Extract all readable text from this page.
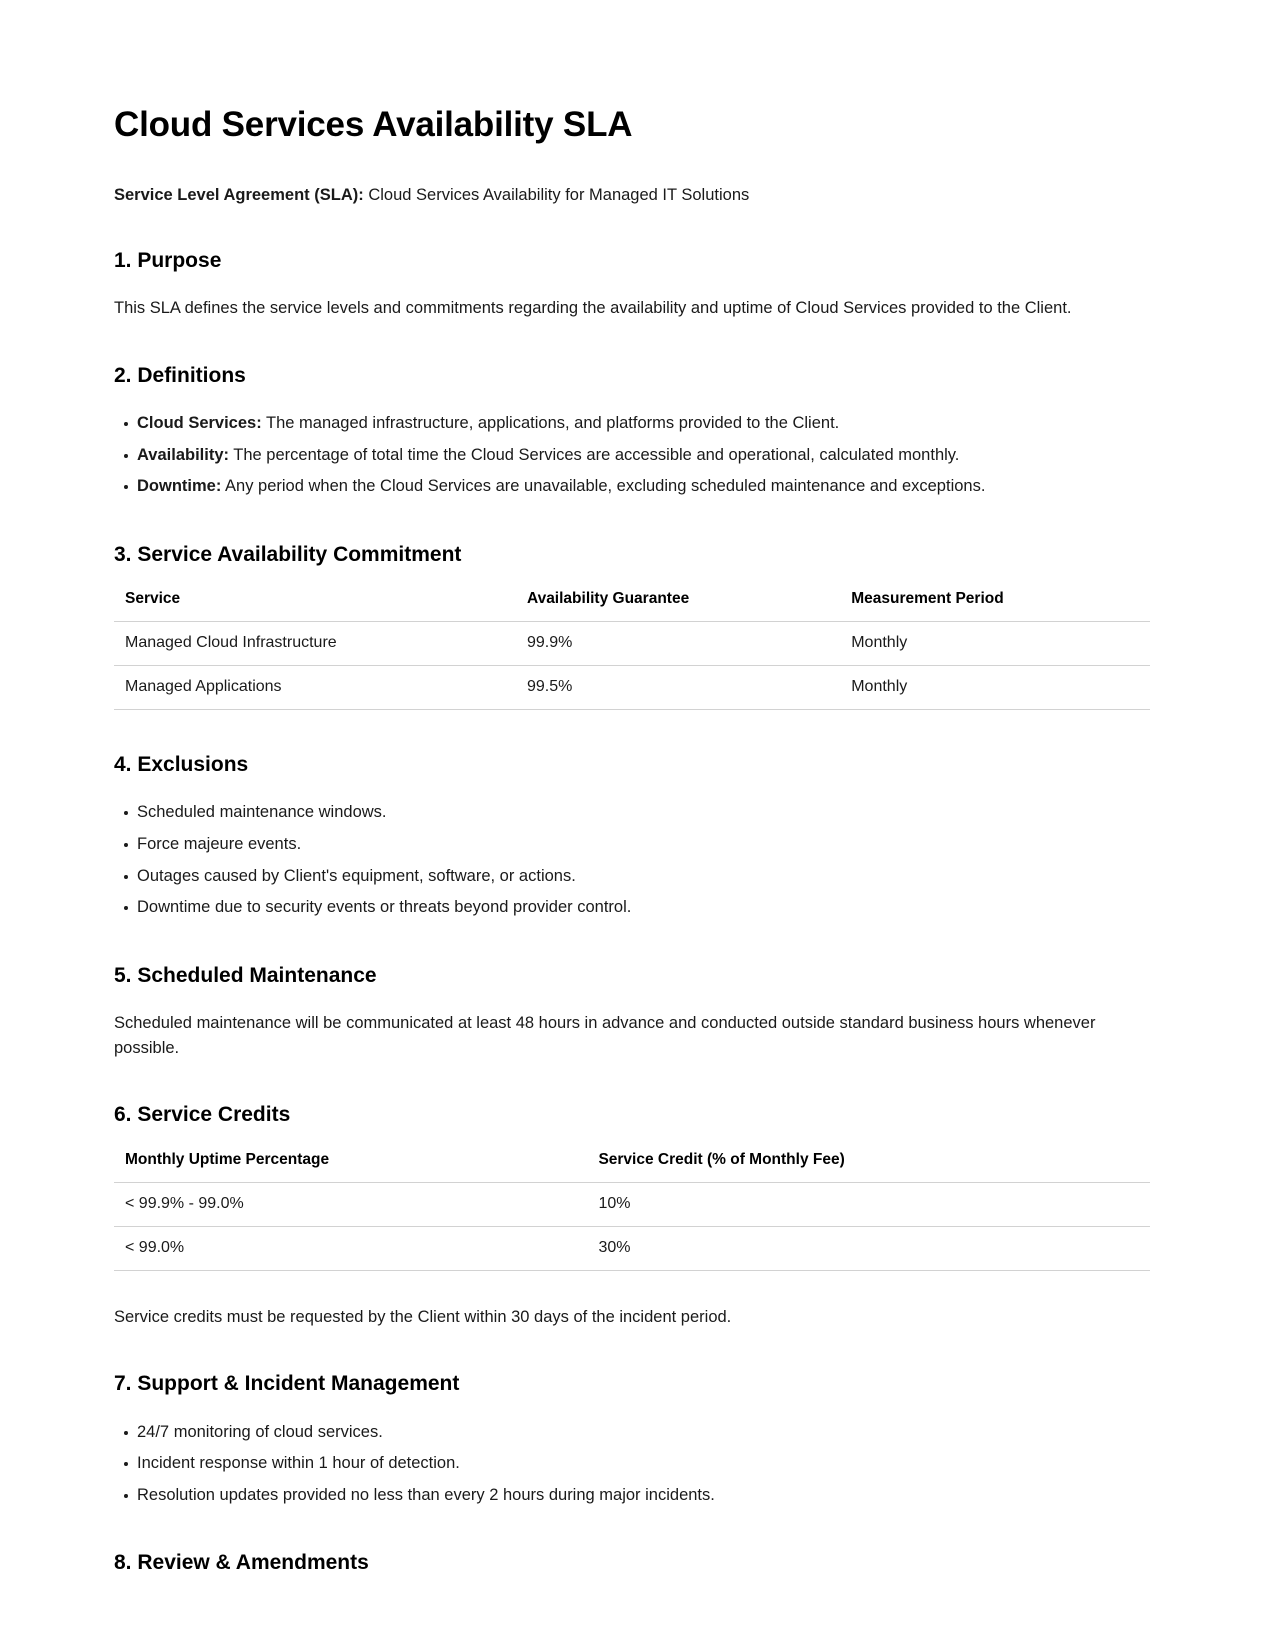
Cloud Services Availability SLA

Service Level Agreement (SLA): Cloud Services Availability for Managed IT Solutions

1. Purpose

This SLA defines the service levels and commitments regarding the availability and uptime of Cloud Services provided to the Client.

2. Definitions
Cloud Services: The managed infrastructure, applications, and platforms provided to the Client.
Availability: The percentage of total time the Cloud Services are accessible and operational, calculated monthly.
Downtime: Any period when the Cloud Services are unavailable, excluding scheduled maintenance and exceptions.
3. Service Availability Commitment
Service	Availability Guarantee	Measurement Period
Managed Cloud Infrastructure	99.9%	Monthly
Managed Applications	99.5%	Monthly
4. Exclusions
Scheduled maintenance windows.
Force majeure events.
Outages caused by Client's equipment, software, or actions.
Downtime due to security events or threats beyond provider control.
5. Scheduled Maintenance

Scheduled maintenance will be communicated at least 48 hours in advance and conducted outside standard business hours whenever possible.

6. Service Credits
Monthly Uptime Percentage	Service Credit (% of Monthly Fee)
< 99.9% - 99.0%	10%
< 99.0%	30%

Service credits must be requested by the Client within 30 days of the incident period.

7. Support & Incident Management
24/7 monitoring of cloud services.
Incident response within 1 hour of detection.
Resolution updates provided no less than every 2 hours during major incidents.
8. Review & Amendments
